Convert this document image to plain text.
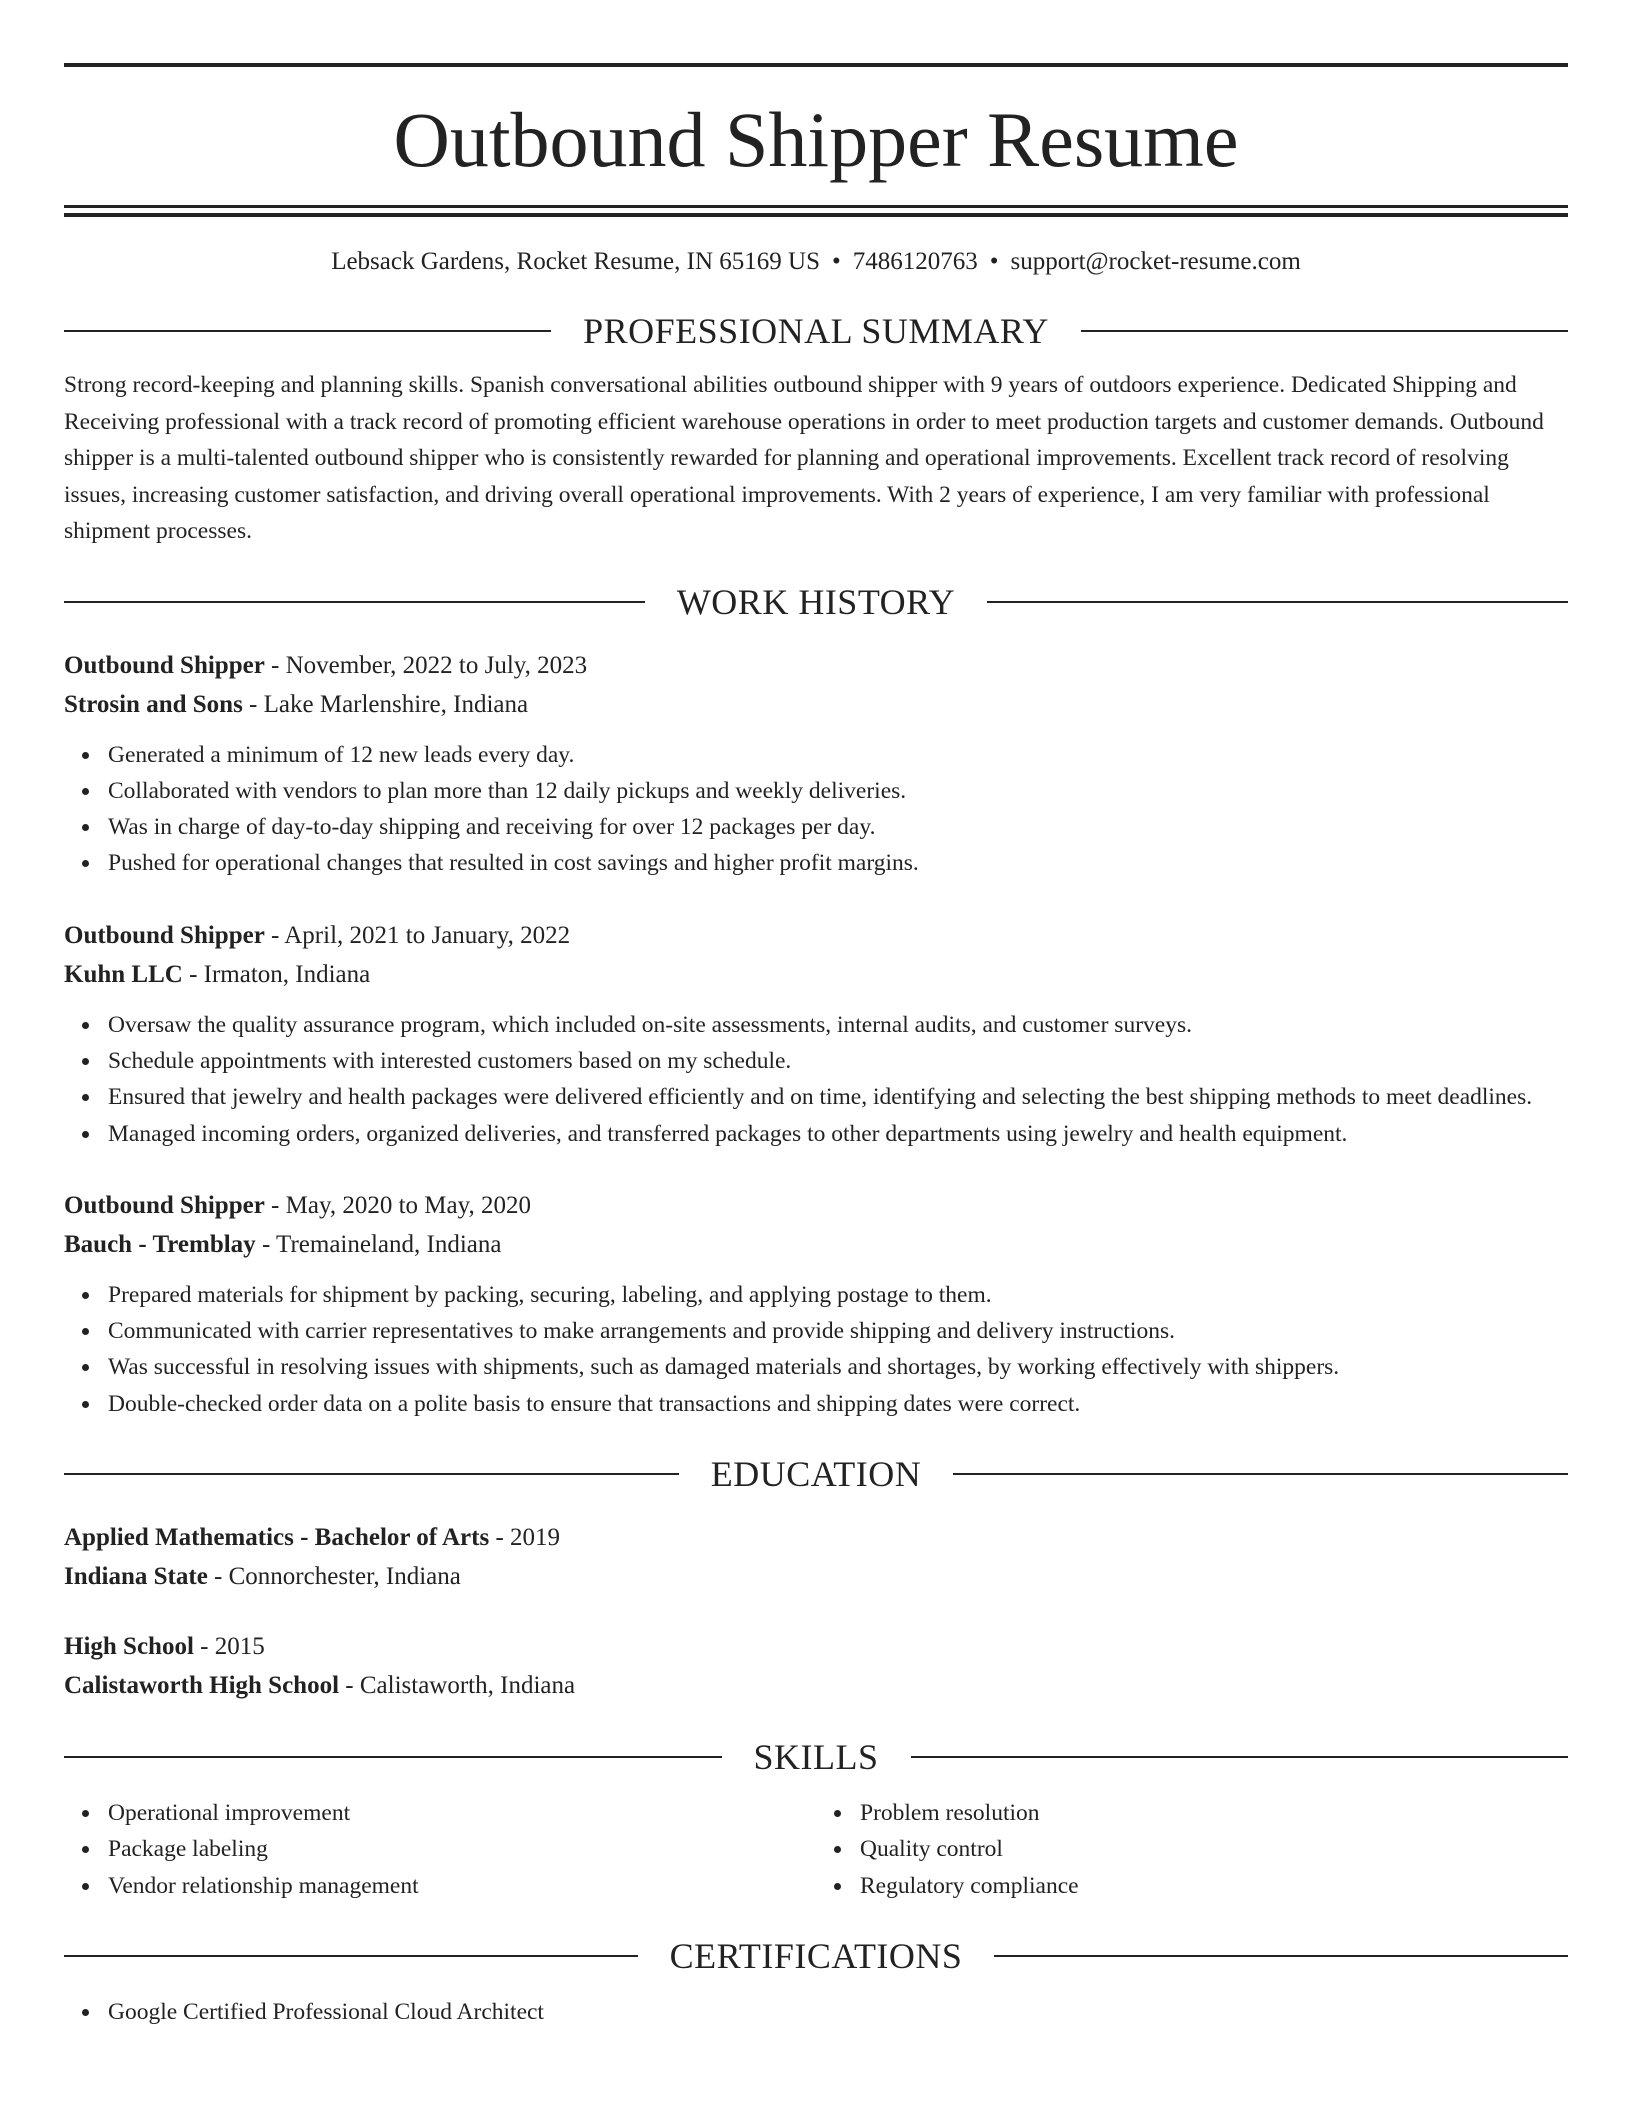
Outbound Shipper Resume
Lebsack Gardens, Rocket Resume, IN 65169 US • 7486120763 • support@rocket-resume.com
PROFESSIONAL SUMMARY
Strong record-keeping and planning skills. Spanish conversational abilities outbound shipper with 9 years of outdoors experience. Dedicated Shipping and Receiving professional with a track record of promoting efficient warehouse operations in order to meet production targets and customer demands. Outbound shipper is a multi-talented outbound shipper who is consistently rewarded for planning and operational improvements. Excellent track record of resolving issues, increasing customer satisfaction, and driving overall operational improvements. With 2 years of experience, I am very familiar with professional shipment processes.
WORK HISTORY
Outbound Shipper - November, 2022 to July, 2023
Strosin and Sons - Lake Marlenshire, Indiana
Generated a minimum of 12 new leads every day.
Collaborated with vendors to plan more than 12 daily pickups and weekly deliveries.
Was in charge of day-to-day shipping and receiving for over 12 packages per day.
Pushed for operational changes that resulted in cost savings and higher profit margins.
Outbound Shipper - April, 2021 to January, 2022
Kuhn LLC - Irmaton, Indiana
Oversaw the quality assurance program, which included on-site assessments, internal audits, and customer surveys.
Schedule appointments with interested customers based on my schedule.
Ensured that jewelry and health packages were delivered efficiently and on time, identifying and selecting the best shipping methods to meet deadlines.
Managed incoming orders, organized deliveries, and transferred packages to other departments using jewelry and health equipment.
Outbound Shipper - May, 2020 to May, 2020
Bauch - Tremblay - Tremaineland, Indiana
Prepared materials for shipment by packing, securing, labeling, and applying postage to them.
Communicated with carrier representatives to make arrangements and provide shipping and delivery instructions.
Was successful in resolving issues with shipments, such as damaged materials and shortages, by working effectively with shippers.
Double-checked order data on a polite basis to ensure that transactions and shipping dates were correct.
EDUCATION
Applied Mathematics - Bachelor of Arts - 2019
Indiana State - Connorchester, Indiana
High School - 2015
Calistaworth High School - Calistaworth, Indiana
SKILLS
Operational improvement
Package labeling
Vendor relationship management
Problem resolution
Quality control
Regulatory compliance
CERTIFICATIONS
Google Certified Professional Cloud Architect
